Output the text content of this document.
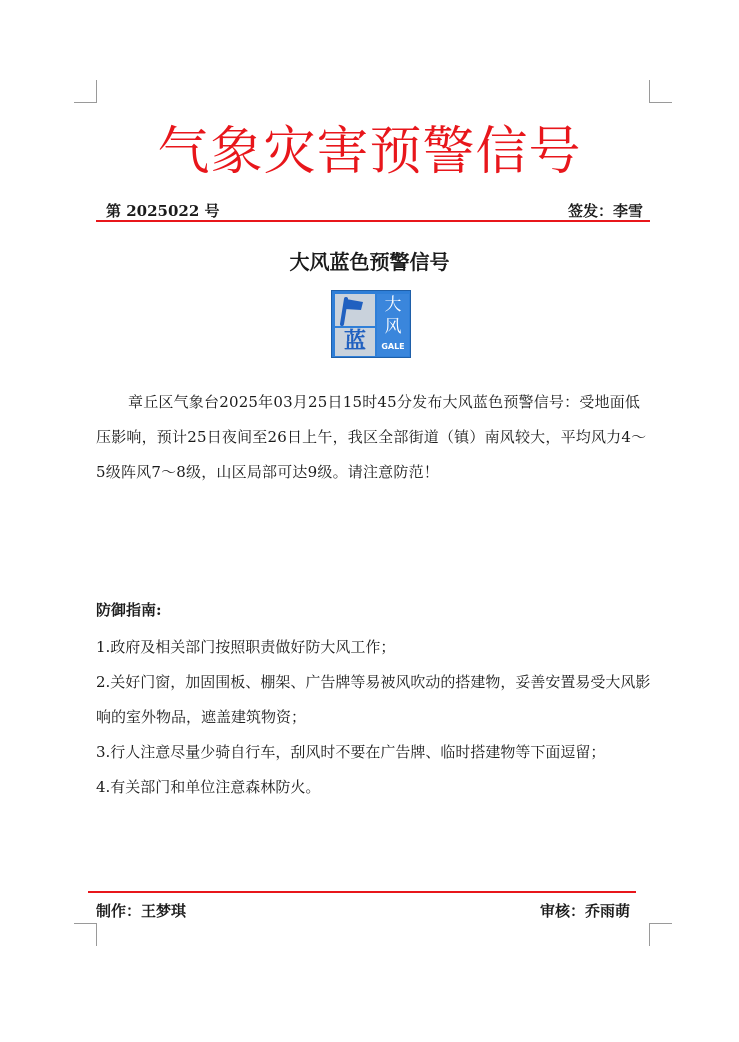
气象灾害预警信号
第 2025022 号	签发：李雪
大风蓝色预警信号
蓝
大
风
GALE
章丘区气象台2025年03月25日15时45分发布大风蓝色预警信号：受地面低压影响，预计25日夜间至26日上午，我区全部街道（镇）南风较大，平均风力4～5级阵风7～8级，山区局部可达9级。请注意防范！
防御指南:
1.政府及相关部门按照职责做好防大风工作；
2.关好门窗，加固围板、棚架、广告牌等易被风吹动的搭建物，妥善安置易受大风影响的室外物品，遮盖建筑物资；
3.行人注意尽量少骑自行车，刮风时不要在广告牌、临时搭建物等下面逗留；
4.有关部门和单位注意森林防火。
制作：王梦琪	审核：乔雨萌
